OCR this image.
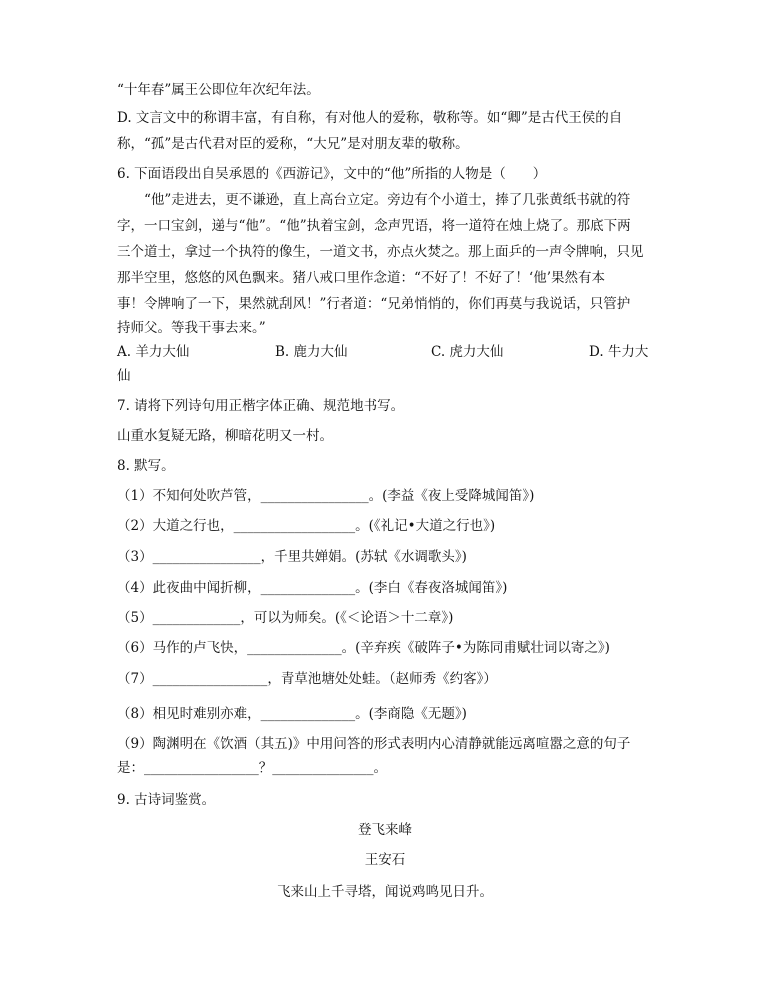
“十年春”属王公即位年次纪年法。
D. 文言文中的称谓丰富，有自称，有对他人的爱称，敬称等。如“卿”是古代王侯的自
称，“孤”是古代君对臣的爱称，“大兄”是对朋友辈的敬称。
6. 下面语段出自吴承恩的《西游记》，文中的“他”所指的人物是（　　）
“他”走进去，更不谦逊，直上高台立定。旁边有个小道士，捧了几张黄纸书就的符
字，一口宝剑，递与“他”。“他”执着宝剑，念声咒语，将一道符在烛上烧了。那底下两
三个道士，拿过一个执符的像生，一道文书，亦点火焚之。那上面乒的一声令牌响，只见
那半空里，悠悠的风色飘来。猪八戒口里作念道：“不好了！不好了！‘他’果然有本
事！令牌响了一下，果然就刮风！”行者道：“兄弟悄悄的，你们再莫与我说话，只管护
持师父。等我干事去来。”
A. 羊力大仙	B. 鹿力大仙	C. 虎力大仙	D. 牛力大
仙
7. 请将下列诗句用正楷字体正确、规范地书写。
山重水复疑无路，柳暗花明又一村。
8. 默写。
（1）不知何处吹芦管，________________。(李益《夜上受降城闻笛》)
（2）大道之行也，__________________。(《礼记•大道之行也》)
（3）________________，千里共婵娟。(苏轼《水调歌头》)
（4）此夜曲中闻折柳，______________。(李白《春夜洛城闻笛》)
（5）_____________，可以为师矣。(《＜论语＞十二章》)
（6）马作的卢飞快，______________。(辛弃疾《破阵子•为陈同甫赋壮词以寄之》)
（7）_________________，青草池塘处处蛙。（赵师秀《约客》）
（8）相见时难别亦难，______________。(李商隐《无题》)
（9）陶渊明在《饮酒（其五)》中用问答的形式表明内心清静就能远离喧嚣之意的句子
是：_________________？_______________。
9. 古诗词鉴赏。
登飞来峰
王安石
飞来山上千寻塔，闻说鸡鸣见日升。
